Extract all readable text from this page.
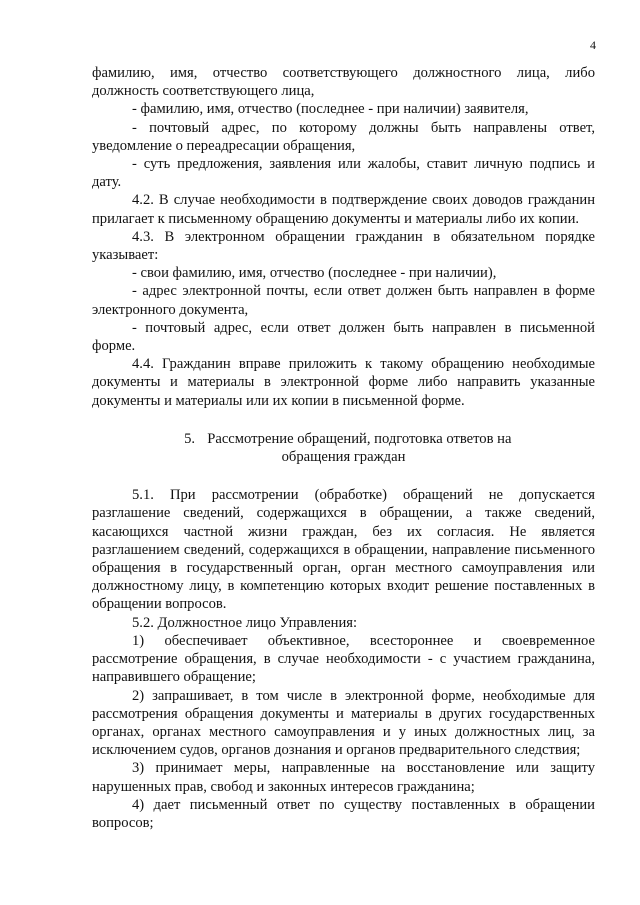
4

фамилию, имя, отчество соответствующего должностного лица, либо должность соответствующего лица,

- фамилию, имя, отчество (последнее - при наличии) заявителя,

- почтовый адрес, по которому должны быть направлены ответ, уведомление о переадресации обращения,

- суть предложения, заявления или жалобы, ставит личную подпись и дату.

4.2. В случае необходимости в подтверждение своих доводов гражданин прилагает к письменному обращению документы и материалы либо их копии.

4.3. В электронном обращении гражданин в обязательном порядке указывает:

- свои фамилию, имя, отчество (последнее - при наличии),

- адрес электронной почты, если ответ должен быть направлен в форме электронного документа,

- почтовый адрес, если ответ должен быть направлен в письменной форме.

4.4. Гражданин вправе приложить к такому обращению необходимые документы и материалы в электронной форме либо направить указанные документы и материалы или их копии в письменной форме.

5. Рассмотрение обращений, подготовка ответов на

обращения граждан

5.1. При рассмотрении (обработке) обращений не допускается разглашение сведений, содержащихся в обращении, а также сведений, касающихся частной жизни граждан, без их согласия. Не является разглашением сведений, содержащихся в обращении, направление письменного обращения в государственный орган, орган местного самоуправления или должностному лицу, в компетенцию которых входит решение поставленных в обращении вопросов.

5.2. Должностное лицо Управления:

1) обеспечивает объективное, всестороннее и своевременное рассмотрение обращения, в случае необходимости - с участием гражданина, направившего обращение;

2) запрашивает, в том числе в электронной форме, необходимые для рассмотрения обращения документы и материалы в других государственных органах, органах местного самоуправления и у иных должностных лиц, за исключением судов, органов дознания и органов предварительного следствия;

3) принимает меры, направленные на восстановление или защиту нарушенных прав, свобод и законных интересов гражданина;

4) дает письменный ответ по существу поставленных в обращении вопросов;
